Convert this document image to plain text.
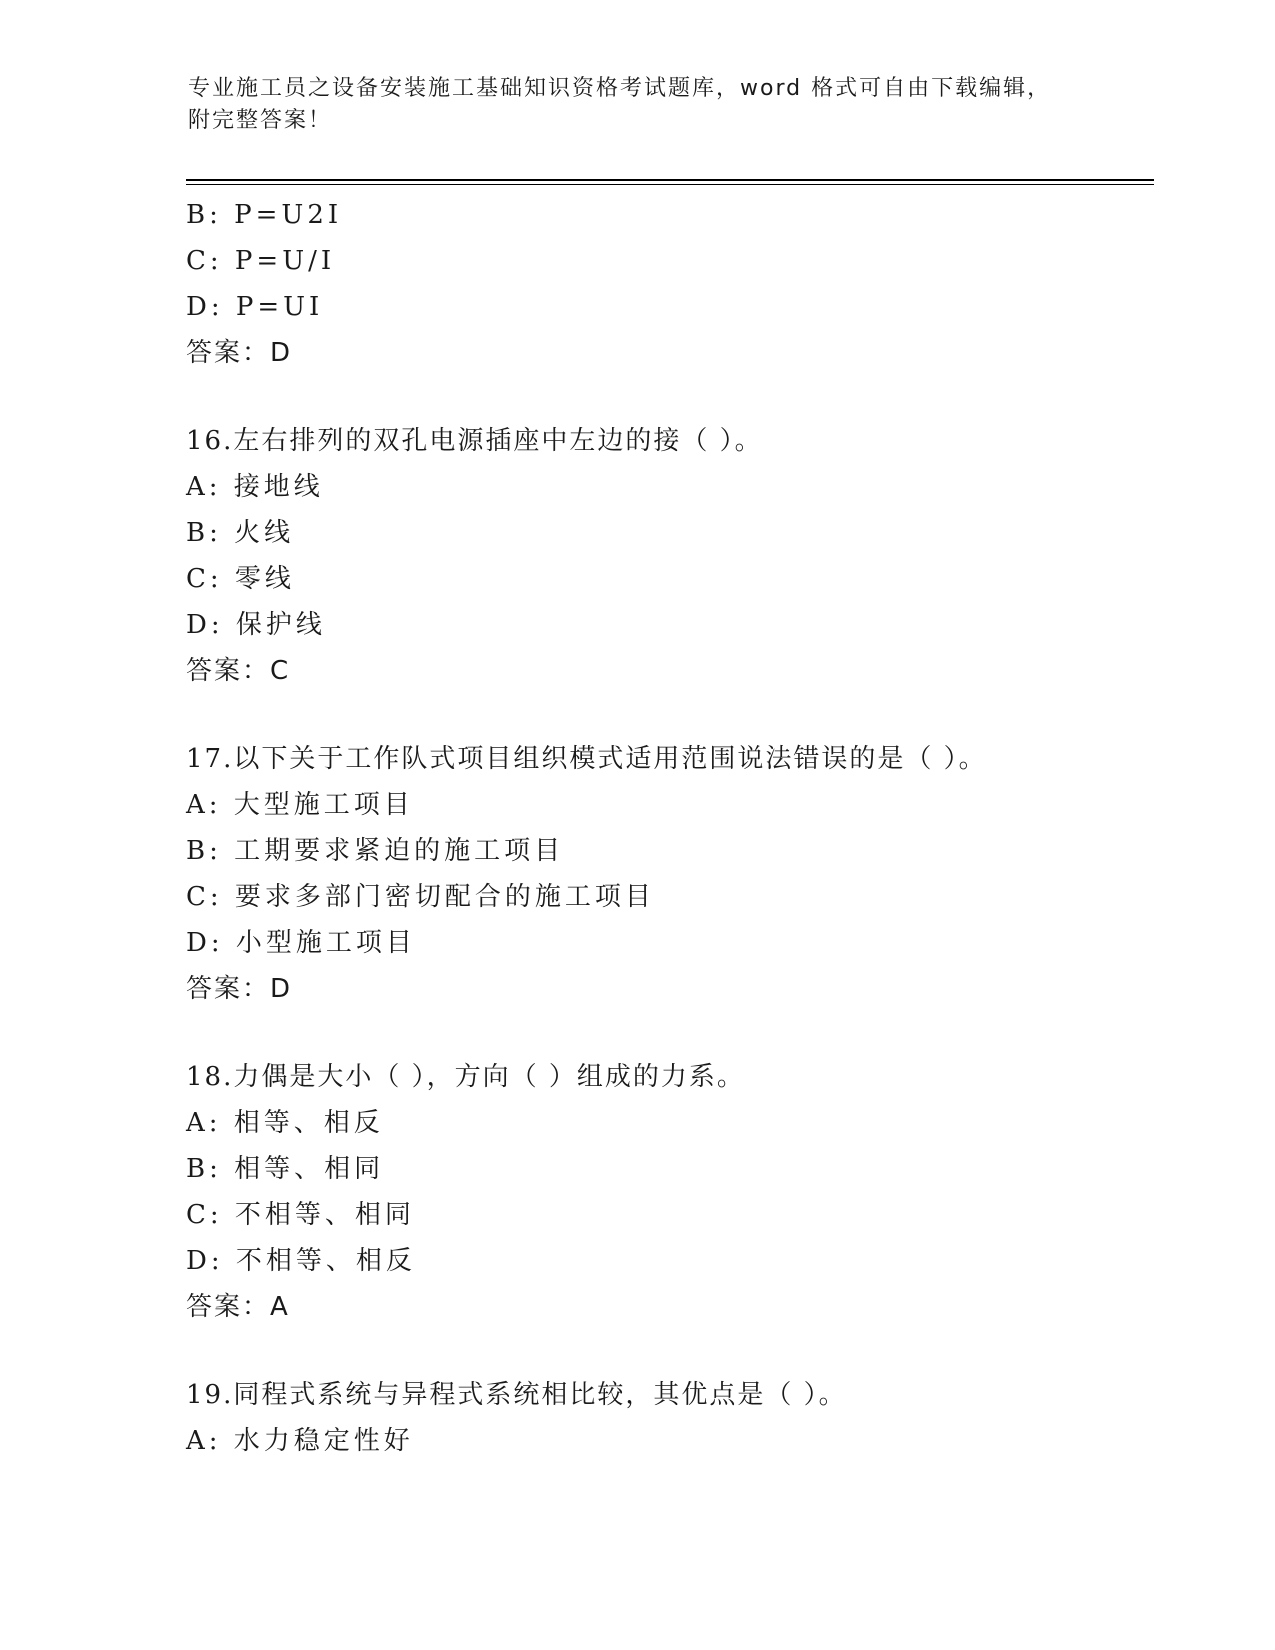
专业施工员之设备安装施工基础知识资格考试题库，word 格式可自由下载编辑，
附完整答案！
B: P=U2I
C: P=U/I
D: P=UI
答案：D
16.左右排列的双孔电源插座中左边的接（ ）。
A: 接地线
B: 火线
C: 零线
D: 保护线
答案：C
17.以下关于工作队式项目组织模式适用范围说法错误的是（ ）。
A: 大型施工项目
B: 工期要求紧迫的施工项目
C: 要求多部门密切配合的施工项目
D: 小型施工项目
答案：D
18.力偶是大小（ ），方向（ ）组成的力系。
A: 相等、相反
B: 相等、相同
C: 不相等、相同
D: 不相等、相反
答案：A
19.同程式系统与异程式系统相比较，其优点是（ ）。
A: 水力稳定性好
